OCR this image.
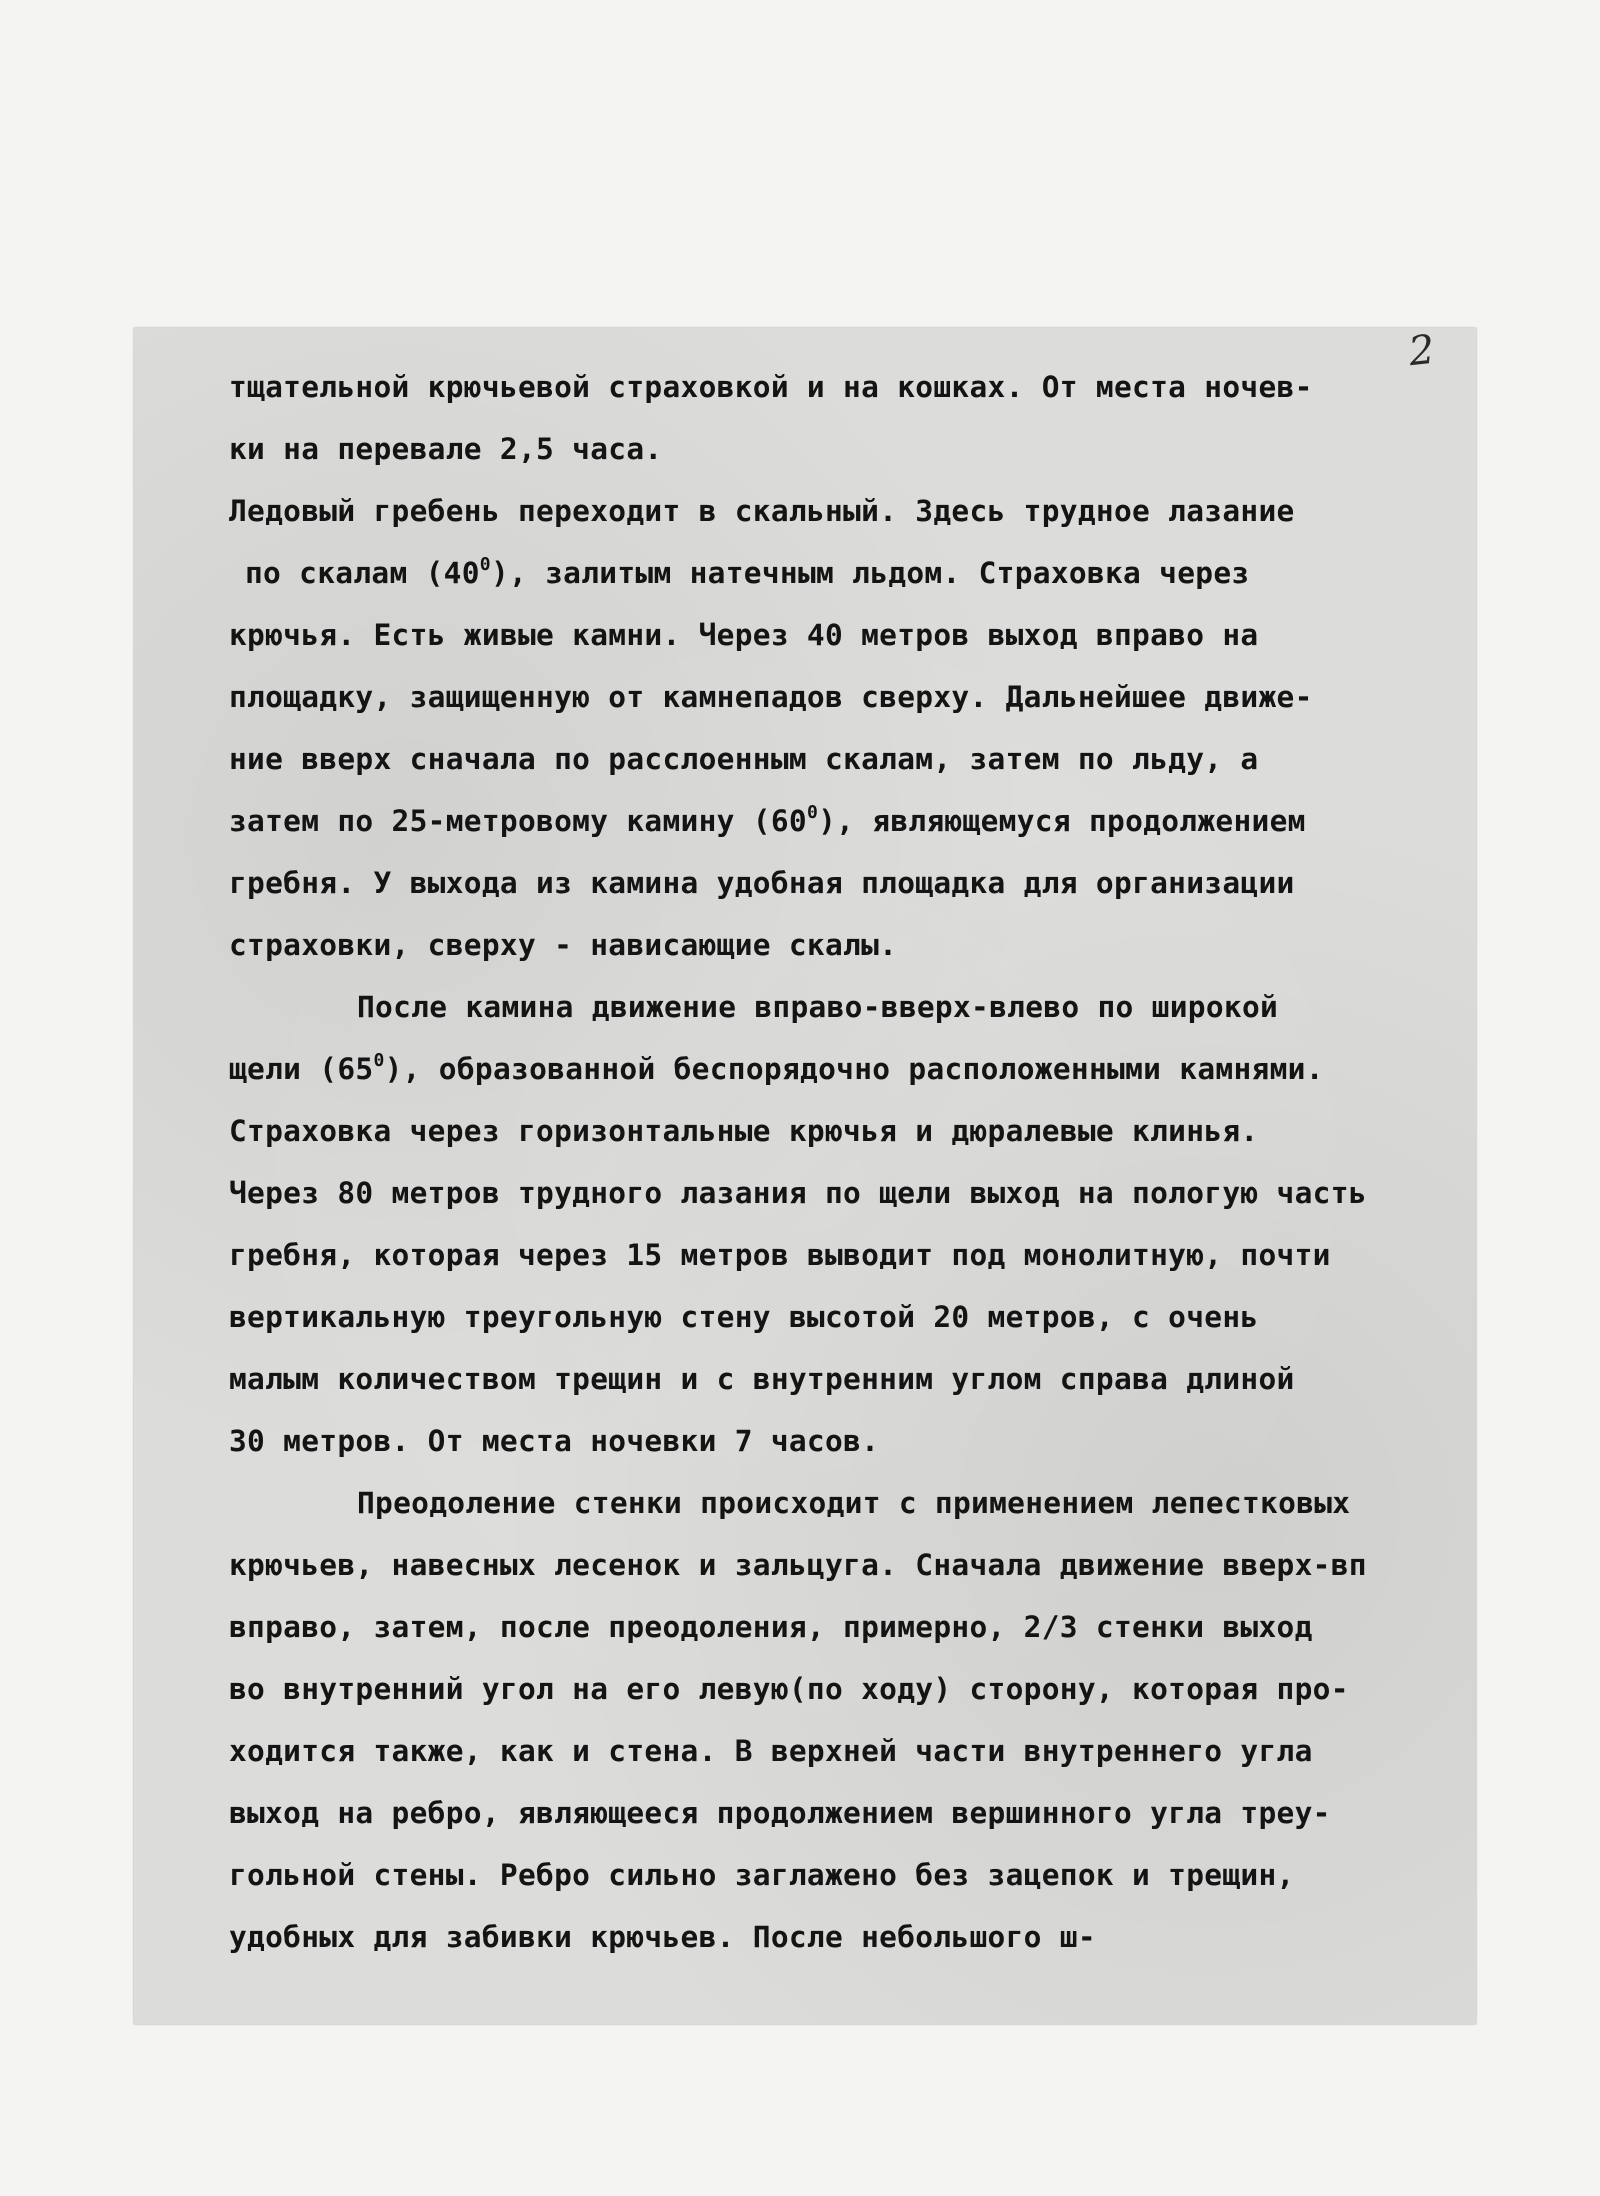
2
тщательной крючьевой страховкой и на кошках. От места ночев-
ки на перевале 2,5 часа.
Ледовый гребень переходит в скальный. Здесь трудное лазание
по скалам $(40^0)$, залитым натечным льдом. Страховка через
крючья. Есть живые камни. Через 40 метров выход вправо на
площадку, защищенную от камнепадов сверху. Дальнейшее движе-
ние вверх сначала по расслоенным скалам, затем по льду, а
затем по 25-метровому камину $(60^0)$, являющемуся продолжением
гребня. У выхода из камина удобная площадка для организации
страховки, сверху - нависающие скалы.
После камина движение вправо-вверх-влево по широкой
щели $(65^0)$, образованной беспорядочно расположенными камнями.
Страховка через горизонтальные крючья и дюралевые клинья.
Через 80 метров трудного лазания по щели выход на пологую часть
гребня, которая через 15 метров выводит под монолитную, почти
вертикальную треугольную стену высотой 20 метров, с очень
малым количеством трещин и с внутренним углом справа длиной
30 метров. От места ночевки 7 часов.
Преодоление стенки происходит с применением лепестковых
крючьев, навесных лесенок и зальцуга. Сначала движение вверх-вп
вправо, затем, после преодоления, примерно, 2/3 стенки выход
во внутренний угол на его левую(по ходу) сторону, которая про-
ходится также, как и стена. В верхней части внутреннего угла
выход на ребро, являющееся продолжением вершинного угла треу-
гольной стены. Ребро сильно заглажено без зацепок и трещин,
удобных для забивки крючьев. После небольшого ш-
